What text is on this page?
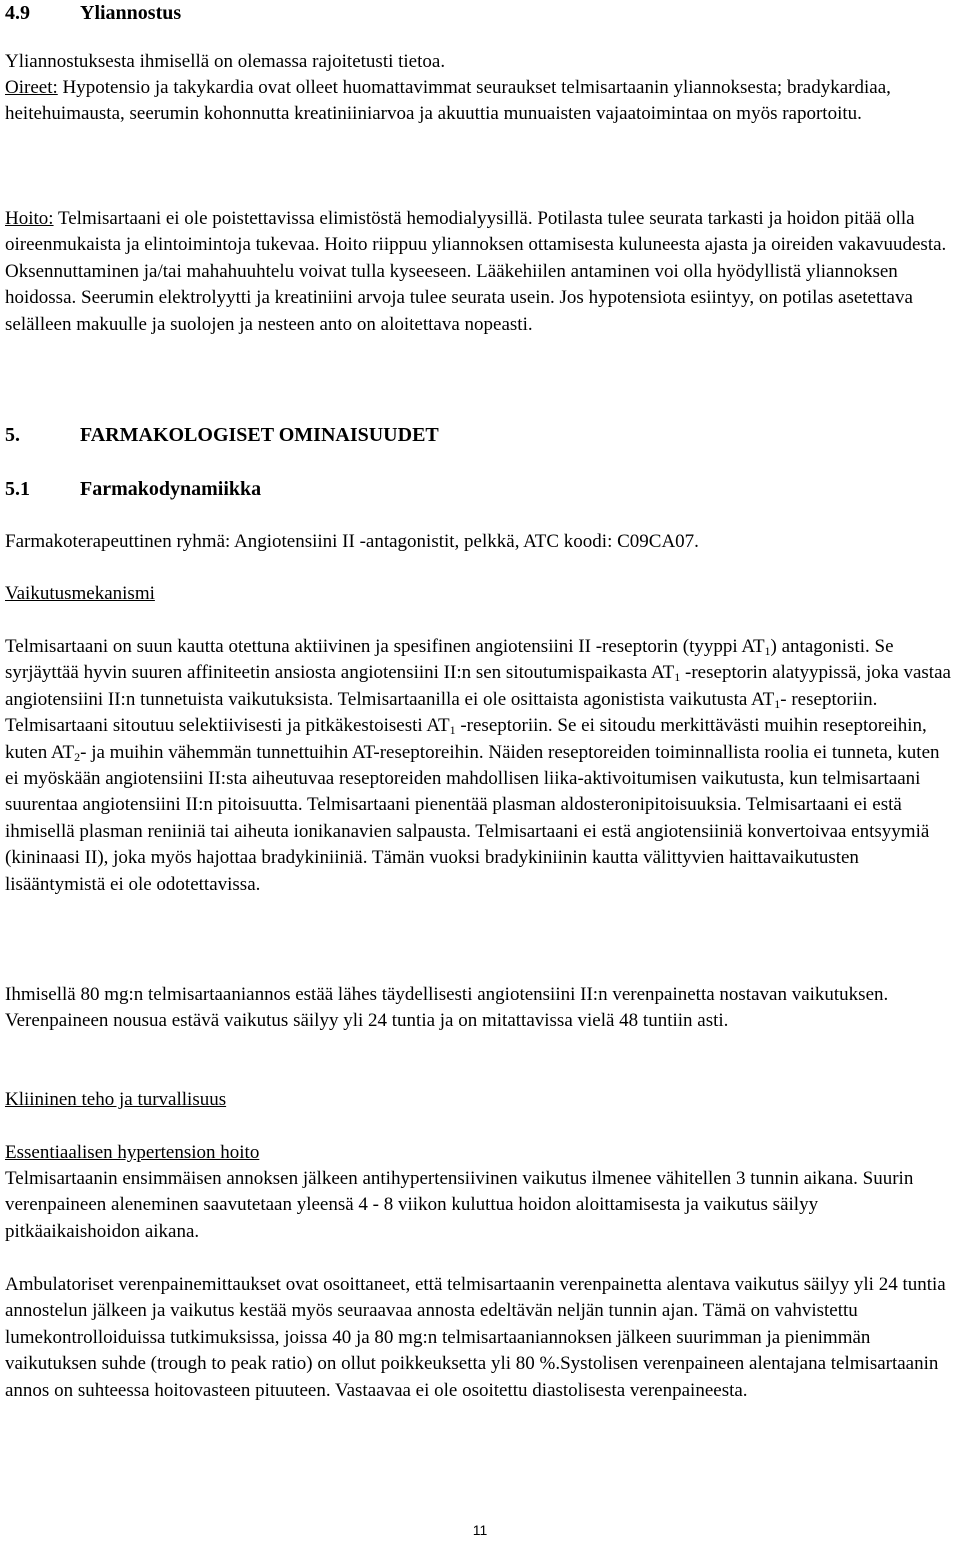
4.9	Yliannostus

Yliannostuksesta ihmisellä on olemassa rajoitetusti tietoa.

Oireet: Hypotensio ja takykardia ovat olleet huomattavimmat seuraukset telmisartaanin yliannoksesta; bradykardiaa, heitehuimausta, seerumin kohonnutta kreatiniiniarvoa ja akuuttia munuaisten vajaatoimintaa on myös raportoitu.

Hoito: Telmisartaani ei ole poistettavissa elimistöstä hemodialyysillä. Potilasta tulee seurata tarkasti ja hoidon pitää olla oireenmukaista ja elintoimintoja tukevaa. Hoito riippuu yliannoksen ottamisesta kuluneesta ajasta ja oireiden vakavuudesta. Oksennuttaminen ja/tai mahahuuhtelu voivat tulla kyseeseen. Lääkehiilen antaminen voi olla hyödyllistä yliannoksen hoidossa. Seerumin elektrolyytti ja kreatiniini arvoja tulee seurata usein. Jos hypotensiota esiintyy, on potilas asetettava selälleen makuulle ja suolojen ja nesteen anto on aloitettava nopeasti.

5.	FARMAKOLOGISET OMINAISUUDET
5.1	Farmakodynamiikka

Farmakoterapeuttinen ryhmä: Angiotensiini II -antagonistit, pelkkä, ATC koodi: C09CA07.

Vaikutusmekanismi

Telmisartaani on suun kautta otettuna aktiivinen ja spesifinen angiotensiini II -reseptorin (tyyppi $AT_1$) antagonisti. Se syrjäyttää hyvin suuren affiniteetin ansiosta angiotensiini II:n sen sitoutumispaikasta $AT_1$ -reseptorin alatyypissä, joka vastaa angiotensiini II:n tunnetuista vaikutuksista. Telmisartaanilla ei ole osittaista agonistista vaikutusta $AT_1-$ reseptoriin. Telmisartaani sitoutuu selektiivisesti ja pitkäkestoisesti $AT_1$ -reseptoriin. Se ei sitoudu merkittävästi muihin reseptoreihin, kuten $AT_2-$ ja muihin vähemmän tunnettuihin AT-reseptoreihin. Näiden reseptoreiden toiminnallista roolia ei tunneta, kuten ei myöskään angiotensiini II:sta aiheutuvaa reseptoreiden mahdollisen liika-aktivoitumisen vaikutusta, kun telmisartaani suurentaa angiotensiini II:n pitoisuutta. Telmisartaani pienentää plasman aldosteronipitoisuuksia. Telmisartaani ei estä ihmisellä plasman reniiniä tai aiheuta ionikanavien salpausta. Telmisartaani ei estä angiotensiiniä konvertoivaa entsyymiä (kininaasi II), joka myös hajottaa bradykiniiniä. Tämän vuoksi bradykiniinin kautta välittyvien haittavaikutusten lisääntymistä ei ole odotettavissa.

Ihmisellä 80 mg:n telmisartaaniannos estää lähes täydellisesti angiotensiini II:n verenpainetta nostavan vaikutuksen. Verenpaineen nousua estävä vaikutus säilyy yli 24 tuntia ja on mitattavissa vielä 48 tuntiin asti.

Kliininen teho ja turvallisuus

Essentiaalisen hypertension hoito

Telmisartaanin ensimmäisen annoksen jälkeen antihypertensiivinen vaikutus ilmenee vähitellen 3 tunnin aikana. Suurin verenpaineen aleneminen saavutetaan yleensä 4 - 8 viikon kuluttua hoidon aloittamisesta ja vaikutus säilyy pitkäaikaishoidon aikana.

Ambulatoriset verenpainemittaukset ovat osoittaneet, että telmisartaanin verenpainetta alentava vaikutus säilyy yli 24 tuntia annostelun jälkeen ja vaikutus kestää myös seuraavaa annosta edeltävän neljän tunnin ajan. Tämä on vahvistettu lumekontrolloiduissa tutkimuksissa, joissa 40 ja 80 mg:n telmisartaaniannoksen jälkeen suurimman ja pienimmän vaikutuksen suhde (trough to peak ratio) on ollut poikkeuksetta yli 80 %.Systolisen verenpaineen alentajana telmisartaanin annos on suhteessa hoitovasteen pituuteen. Vastaavaa ei ole osoitettu diastolisesta verenpaineesta.

11
